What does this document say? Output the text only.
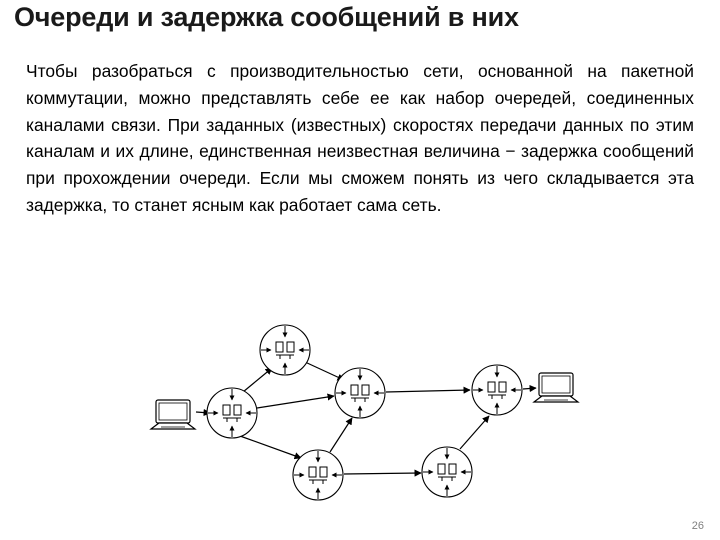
Очереди и задержка сообщений в них
Чтобы разобраться с производительностью сети, основанной на пакетной коммутации, можно представлять себе ее как набор очередей, соединенных каналами связи. При заданных (известных) скоростях передачи данных по этим каналам и их длине, единственная неизвестная величина − задержка сообщений при прохождении очереди. Если мы сможем понять из чего складывается эта задержка, то станет ясным как работает сама сеть.
26
